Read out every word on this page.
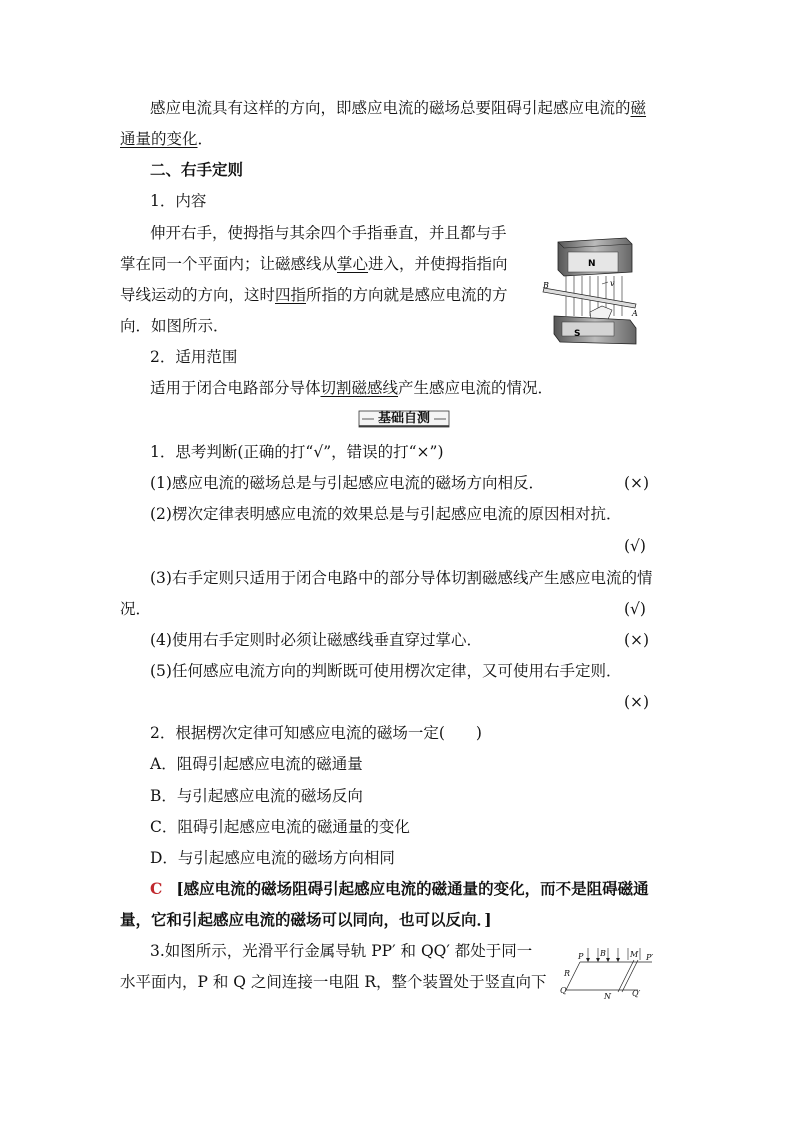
感应电流具有这样的方向，即感应电流的磁场总要阻碍引起感应电流的磁
通量的变化．
二、右手定则
1．内容
伸开右手，使拇指与其余四个手指垂直，并且都与手
掌在同一个平面内；让磁感线从掌心进入，并使拇指指向
导线运动的方向，这时四指所指的方向就是感应电流的方
向．如图所示．
N
B
A
v
S
2．适用范围
适用于闭合电路部分导体切割磁感线产生感应电流的情况．
基础自测
1．思考判断(正确的打“√”，错误的打“×”)
(1)感应电流的磁场总是与引起感应电流的磁场方向相反．	(×)
(2)楞次定律表明感应电流的效果总是与引起感应电流的原因相对抗．
(√)
(3)右手定则只适用于闭合电路中的部分导体切割磁感线产生感应电流的情
况．	(√)
(4)使用右手定则时必须让磁感线垂直穿过掌心．	(×)
(5)任何感应电流方向的判断既可使用楞次定律，又可使用右手定则．
(×)
2．根据楞次定律可知感应电流的磁场一定(　　)
A．阻碍引起感应电流的磁通量
B．与引起感应电流的磁场反向
C．阻碍引起感应电流的磁通量的变化
D．与引起感应电流的磁场方向相同
C [感应电流的磁场阻碍引起感应电流的磁通量的变化，而不是阻碍磁通
量，它和引起感应电流的磁场可以同向，也可以反向．]
3.如图所示，光滑平行金属导轨 PP′ 和 QQ′ 都处于同一
水平面内，P 和 Q 之间连接一电阻 R，整个装置处于竖直向下
P B	M P′
R
Q
N	Q′
